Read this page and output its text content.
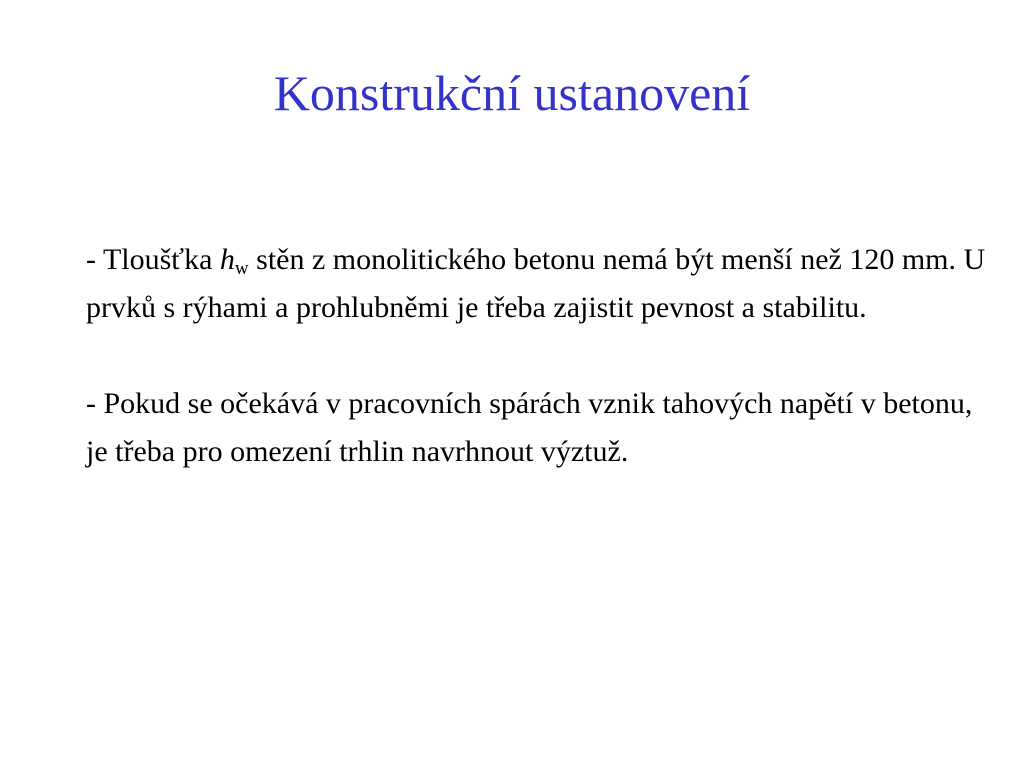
Konstrukční ustanovení

- Tloušťka $h_w$ stěn z monolitického betonu nemá být menší než 120 mm. U prvků s rýhami a prohlubněmi je třeba zajistit pevnost a stabilitu.

- Pokud se očekává v pracovních spárách vznik tahových napětí v betonu, je třeba pro omezení trhlin navrhnout výztuž.
